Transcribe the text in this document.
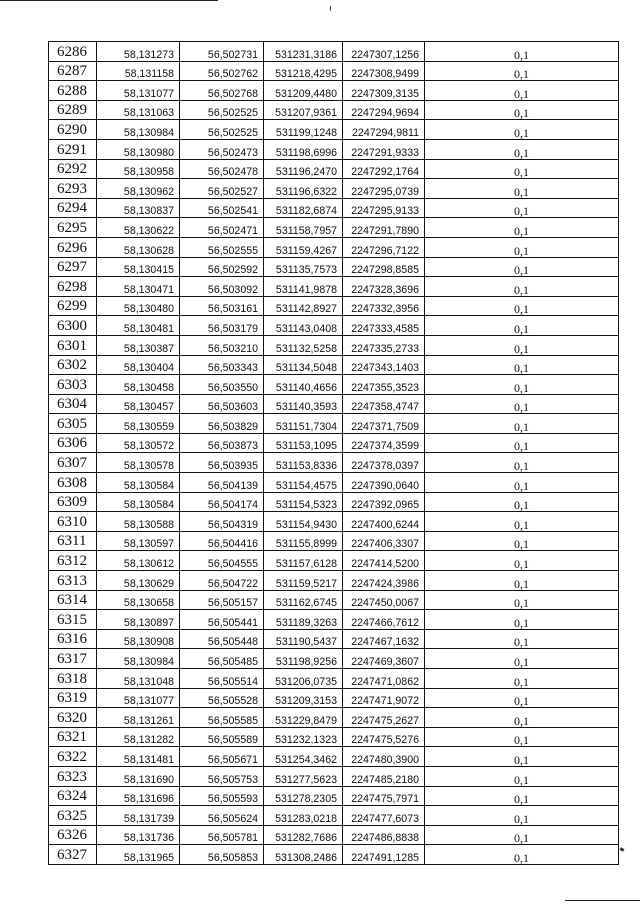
6286	58,131273	56,502731	531231,3186	2247307,1256	0,1
6287	58,131158	56,502762	531218,4295	2247308,9499	0,1
6288	58,131077	56,502768	531209,4480	2247309,3135	0,1
6289	58,131063	56,502525	531207,9361	2247294,9694	0,1
6290	58,130984	56,502525	531199,1248	2247294,9811	0,1
6291	58,130980	56,502473	531198,6996	2247291,9333	0,1
6292	58,130958	56,502478	531196,2470	2247292,1764	0,1
6293	58,130962	56,502527	531196,6322	2247295,0739	0,1
6294	58,130837	56,502541	531182,6874	2247295,9133	0,1
6295	58,130622	56,502471	531158,7957	2247291,7890	0,1
6296	58,130628	56,502555	531159,4267	2247296,7122	0,1
6297	58,130415	56,502592	531135,7573	2247298,8585	0,1
6298	58,130471	56,503092	531141,9878	2247328,3696	0,1
6299	58,130480	56,503161	531142,8927	2247332,3956	0,1
6300	58,130481	56,503179	531143,0408	2247333,4585	0,1
6301	58,130387	56,503210	531132,5258	2247335,2733	0,1
6302	58,130404	56,503343	531134,5048	2247343,1403	0,1
6303	58,130458	56,503550	531140,4656	2247355,3523	0,1
6304	58,130457	56,503603	531140,3593	2247358,4747	0,1
6305	58,130559	56,503829	531151,7304	2247371,7509	0,1
6306	58,130572	56,503873	531153,1095	2247374,3599	0,1
6307	58,130578	56,503935	531153,8336	2247378,0397	0,1
6308	58,130584	56,504139	531154,4575	2247390,0640	0,1
6309	58,130584	56,504174	531154,5323	2247392,0965	0,1
6310	58,130588	56,504319	531154,9430	2247400,6244	0,1
6311	58,130597	56,504416	531155,8999	2247406,3307	0,1
6312	58,130612	56,504555	531157,6128	2247414,5200	0,1
6313	58,130629	56,504722	531159,5217	2247424,3986	0,1
6314	58,130658	56,505157	531162,6745	2247450,0067	0,1
6315	58,130897	56,505441	531189,3263	2247466,7612	0,1
6316	58,130908	56,505448	531190,5437	2247467,1632	0,1
6317	58,130984	56,505485	531198,9256	2247469,3607	0,1
6318	58,131048	56,505514	531206,0735	2247471,0862	0,1
6319	58,131077	56,505528	531209,3153	2247471,9072	0,1
6320	58,131261	56,505585	531229,8479	2247475,2627	0,1
6321	58,131282	56,505589	531232,1323	2247475,5276	0,1
6322	58,131481	56,505671	531254,3462	2247480,3900	0,1
6323	58,131690	56,505753	531277,5623	2247485,2180	0,1
6324	58,131696	56,505593	531278,2305	2247475,7971	0,1
6325	58,131739	56,505624	531283,0218	2247477,6073	0,1
6326	58,131736	56,505781	531282,7686	2247486,8838	0,1
6327	58,131965	56,505853	531308,2486	2247491,1285	0,1
